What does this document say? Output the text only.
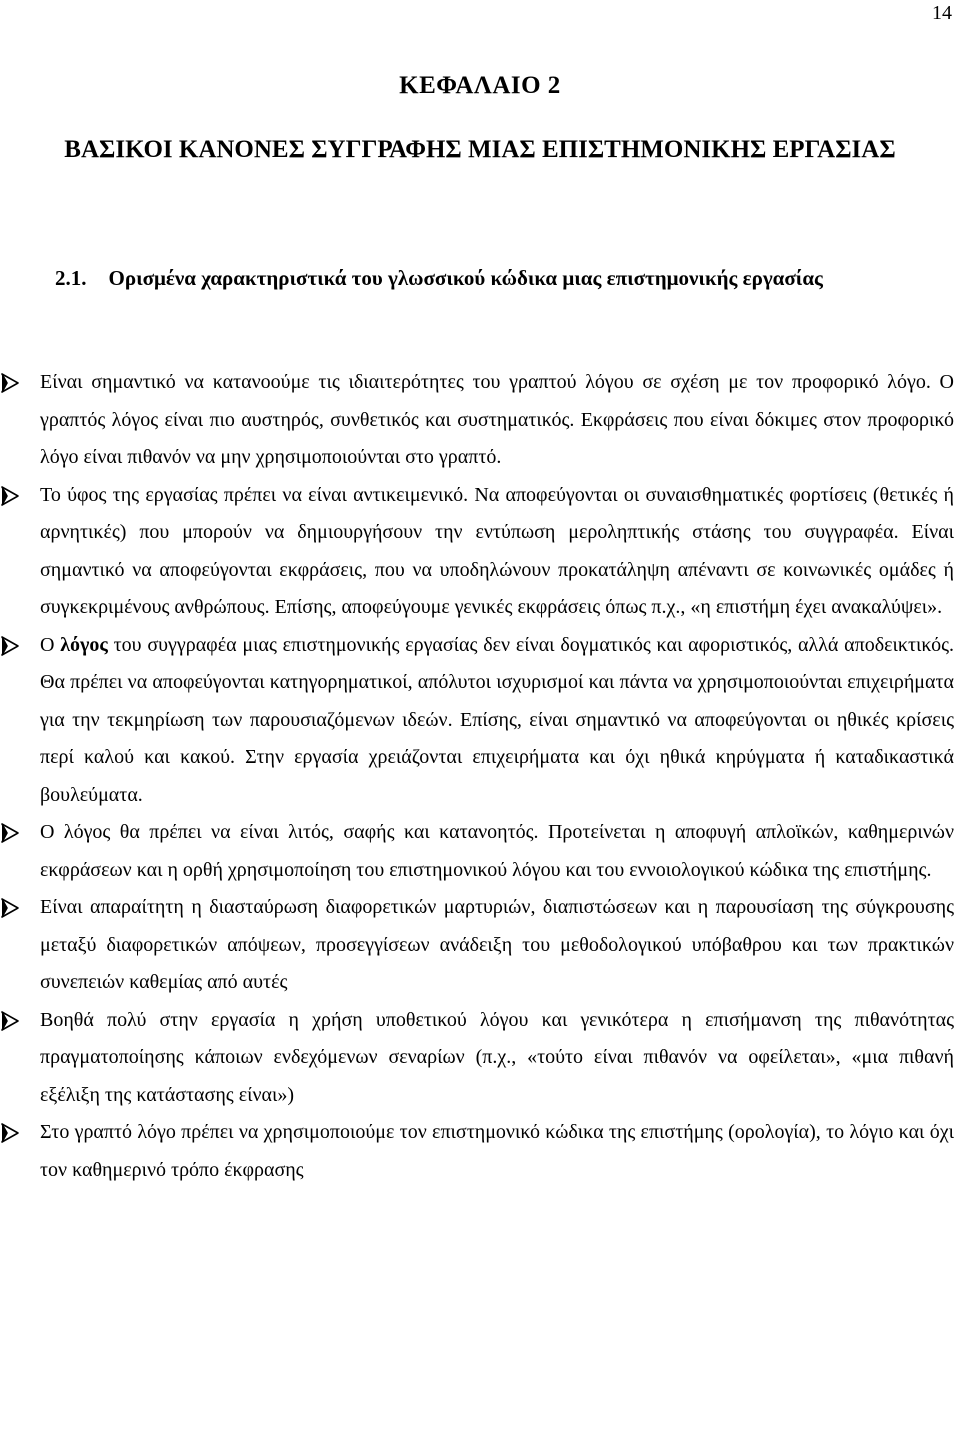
14
ΚΕΦΑΛΑΙΟ 2
ΒΑΣΙΚΟΙ ΚΑΝΟΝΕΣ ΣΥΓΓΡΑΦΗΣ ΜΙΑΣ ΕΠΙΣΤΗΜΟΝΙΚΗΣ ΕΡΓΑΣΙΑΣ
2.1. Ορισμένα χαρακτηριστικά του γλωσσικού κώδικα μιας επιστημονικής εργασίας
Είναι σημαντικό να κατανοούμε τις ιδιαιτερότητες του γραπτού λόγου σε σχέση με τον προφορικό λόγο. Ο γραπτός λόγος είναι πιο αυστηρός, συνθετικός και συστηματικός. Εκφράσεις που είναι δόκιμες στον προφορικό λόγο είναι πιθανόν να μην χρησιμοποιούνται στο γραπτό.
Το ύφος της εργασίας πρέπει να είναι αντικειμενικό. Να αποφεύγονται οι συναισθηματικές φορτίσεις (θετικές ή αρνητικές) που μπορούν να δημιουργήσουν την εντύπωση μεροληπτικής στάσης του συγγραφέα. Είναι σημαντικό να αποφεύγονται εκφράσεις, που να υποδηλώνουν προκατάληψη απέναντι σε κοινωνικές ομάδες ή συγκεκριμένους ανθρώπους. Επίσης, αποφεύγουμε γενικές εκφράσεις όπως π.χ., «η επιστήμη έχει ανακαλύψει».
Ο λόγος του συγγραφέα μιας επιστημονικής εργασίας δεν είναι δογματικός και αφοριστικός, αλλά αποδεικτικός. Θα πρέπει να αποφεύγονται κατηγορηματικοί, απόλυτοι ισχυρισμοί και πάντα να χρησιμοποιούνται επιχειρήματα για την τεκμηρίωση των παρουσιαζόμενων ιδεών. Επίσης, είναι σημαντικό να αποφεύγονται οι ηθικές κρίσεις περί καλού και κακού. Στην εργασία χρειάζονται επιχειρήματα και όχι ηθικά κηρύγματα ή καταδικαστικά βουλεύματα.
Ο λόγος θα πρέπει να είναι λιτός, σαφής και κατανοητός. Προτείνεται η αποφυγή απλοϊκών, καθημερινών εκφράσεων και η ορθή χρησιμοποίηση του επιστημονικού λόγου και του εννοιολογικού κώδικα της επιστήμης.
Είναι απαραίτητη η διασταύρωση διαφορετικών μαρτυριών, διαπιστώσεων και η παρουσίαση της σύγκρουσης μεταξύ διαφορετικών απόψεων, προσεγγίσεων ανάδειξη του μεθοδολογικού υπόβαθρου και των πρακτικών συνεπειών καθεμίας από αυτές
Βοηθά πολύ στην εργασία η χρήση υποθετικού λόγου και γενικότερα η επισήμανση της πιθανότητας πραγματοποίησης κάποιων ενδεχόμενων σεναρίων (π.χ., «τούτο είναι πιθανόν να οφείλεται», «μια πιθανή εξέλιξη της κατάστασης είναι»)
Στο γραπτό λόγο πρέπει να χρησιμοποιούμε τον επιστημονικό κώδικα της επιστήμης (ορολογία), το λόγιο και όχι τον καθημερινό τρόπο έκφρασης
